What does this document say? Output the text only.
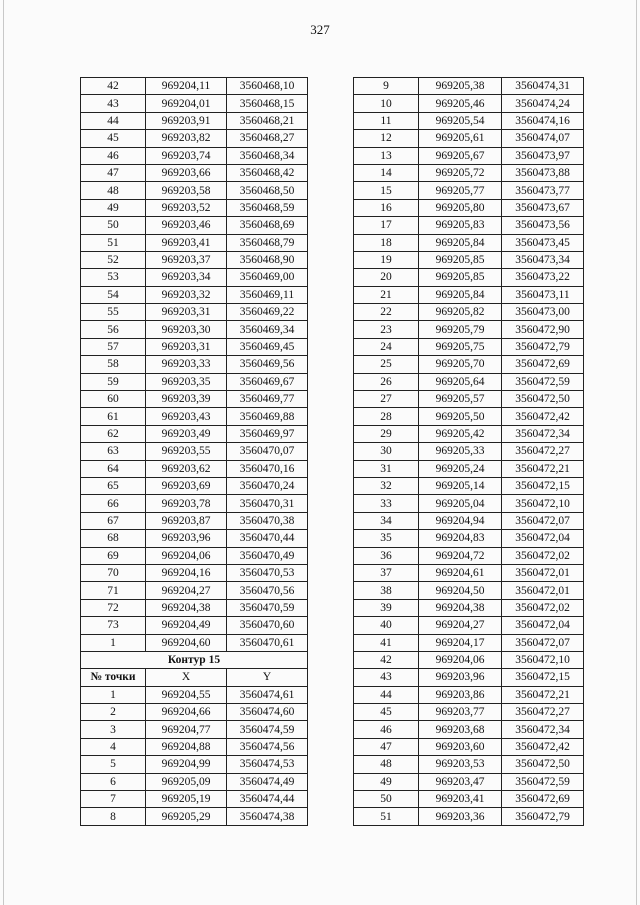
327
42	969204,11	3560468,10
43	969204,01	3560468,15
44	969203,91	3560468,21
45	969203,82	3560468,27
46	969203,74	3560468,34
47	969203,66	3560468,42
48	969203,58	3560468,50
49	969203,52	3560468,59
50	969203,46	3560468,69
51	969203,41	3560468,79
52	969203,37	3560468,90
53	969203,34	3560469,00
54	969203,32	3560469,11
55	969203,31	3560469,22
56	969203,30	3560469,34
57	969203,31	3560469,45
58	969203,33	3560469,56
59	969203,35	3560469,67
60	969203,39	3560469,77
61	969203,43	3560469,88
62	969203,49	3560469,97
63	969203,55	3560470,07
64	969203,62	3560470,16
65	969203,69	3560470,24
66	969203,78	3560470,31
67	969203,87	3560470,38
68	969203,96	3560470,44
69	969204,06	3560470,49
70	969204,16	3560470,53
71	969204,27	3560470,56
72	969204,38	3560470,59
73	969204,49	3560470,60
1	969204,60	3560470,61
Контур 15		
№ точки	X	Y
1	969204,55	3560474,61
2	969204,66	3560474,60
3	969204,77	3560474,59
4	969204,88	3560474,56
5	969204,99	3560474,53
6	969205,09	3560474,49
7	969205,19	3560474,44
8	969205,29	3560474,38
9	969205,38	3560474,31
10	969205,46	3560474,24
11	969205,54	3560474,16
12	969205,61	3560474,07
13	969205,67	3560473,97
14	969205,72	3560473,88
15	969205,77	3560473,77
16	969205,80	3560473,67
17	969205,83	3560473,56
18	969205,84	3560473,45
19	969205,85	3560473,34
20	969205,85	3560473,22
21	969205,84	3560473,11
22	969205,82	3560473,00
23	969205,79	3560472,90
24	969205,75	3560472,79
25	969205,70	3560472,69
26	969205,64	3560472,59
27	969205,57	3560472,50
28	969205,50	3560472,42
29	969205,42	3560472,34
30	969205,33	3560472,27
31	969205,24	3560472,21
32	969205,14	3560472,15
33	969205,04	3560472,10
34	969204,94	3560472,07
35	969204,83	3560472,04
36	969204,72	3560472,02
37	969204,61	3560472,01
38	969204,50	3560472,01
39	969204,38	3560472,02
40	969204,27	3560472,04
41	969204,17	3560472,07
42	969204,06	3560472,10
43	969203,96	3560472,15
44	969203,86	3560472,21
45	969203,77	3560472,27
46	969203,68	3560472,34
47	969203,60	3560472,42
48	969203,53	3560472,50
49	969203,47	3560472,59
50	969203,41	3560472,69
51	969203,36	3560472,79
